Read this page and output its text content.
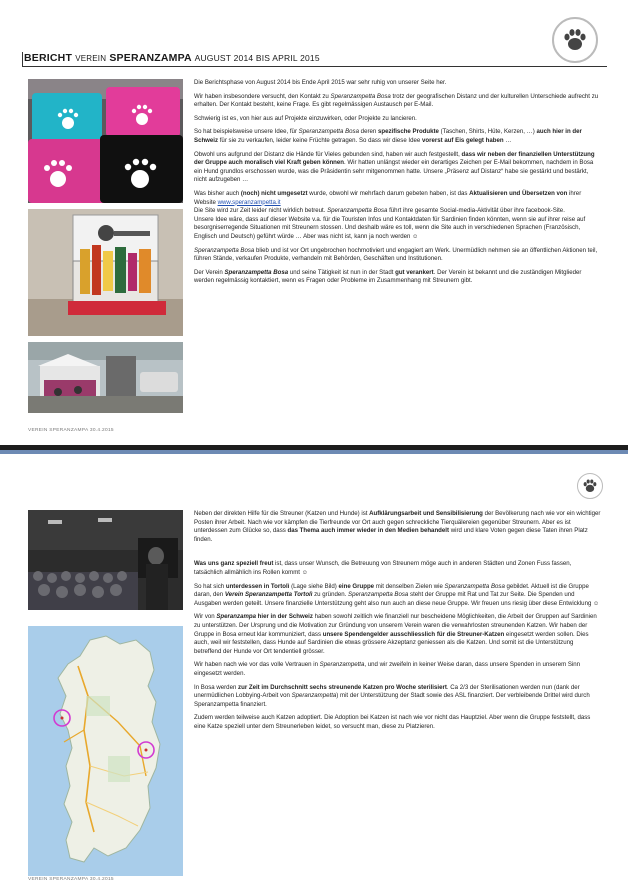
BERICHT VEREIN SPERANZAMPA AUGUST 2014 BIS APRIL 2015

Die Berichtsphase von August 2014 bis Ende April 2015 war sehr ruhig von unserer Seite her.

Wir haben insbesondere versucht, den Kontakt zu Speranzampetta Bosa trotz der geografischen Distanz und der kulturellen Unterschiede aufrecht zu erhalten. Der Kontakt besteht, keine Frage. Es gibt regelmässigen Austausch per E-Mail.

Schwierig ist es, von hier aus auf Projekte einzuwirken, oder Projekte zu lancieren.

So hat beispielsweise unsere Idee, für Speranzampetta Bosa deren spezifische Produkte (Taschen, Shirts, Hüte, Kerzen, …) auch hier in der Schweiz für sie zu verkaufen, leider keine Früchte getragen. So dass wir diese Idee vorerst auf Eis gelegt haben …

Obwohl uns aufgrund der Distanz die Hände für Vieles gebunden sind, haben wir auch festgestellt, dass wir neben der finanziellen Unterstützung der Gruppe auch moralisch viel Kraft geben können. Wir hatten unlängst wieder ein derartiges Zeichen per E-Mail bekommen, nachdem in Bosa ein Hund grundlos erschossen wurde, was die Präsidentin sehr mitgenommen hatte. Unsere „Präsenz auf Distanz“ habe sie gestärkt und bestärkt, nicht aufzugeben …

Was bisher auch (noch) nicht umgesetzt wurde, obwohl wir mehrfach darum gebeten haben, ist das Aktualisieren und Übersetzen von ihrer Website www.speranzampetta.it
Die Site wird zur Zeit leider nicht wirklich betreut. Speranzampetta Bosa führt ihre gesamte Social-media-Aktivität über ihre facebook-Site.
Unsere Idee wäre, dass auf dieser Website v.a. für die Touristen Infos und Kontaktdaten für Sardinien finden könnten, wenn sie auf ihrer reise auf besorgniserregende Situationen mit Streunern stossen. Und deshalb wäre es toll, wenn die Site auch in verschiedenen Sprachen (Französisch, Englisch und Deutsch) geführt würde … Aber was nicht ist, kann ja noch werden ☺

Speranzampetta Bosa blieb und ist vor Ort ungebrochen hochmotiviert und engagiert am Werk. Unermüdlich nehmen sie an öffentlichen Aktionen teil, führen Stände, verkaufen Produkte, verhandeln mit Behörden, Geschäften und Institutionen.

Der Verein Speranzampetta Bosa und seine Tätigkeit ist nun in der Stadt gut verankert. Der Verein ist bekannt und die zuständigen Mitglieder werden regelmässig kontaktiert, wenn es Fragen oder Probleme im Zusammenhang mit Streunern gibt.

VEREIN SPERANZAMPA 30.4.2015

Neben der direkten Hilfe für die Streuner (Katzen und Hunde) ist Aufklärungsarbeit und Sensibilisierung der Bevölkerung nach wie vor ein wichtiger Posten ihrer Arbeit. Nach wie vor kämpfen die Tierfreunde vor Ort auch gegen schreckliche Tierquälereien gegenüber Streunern. Aber es ist unterdessen zum Glücke so, dass das Thema auch immer wieder in den Medien behandelt wird und klare Voten gegen diese Taten ihren Platz finden.

Was uns ganz speziell freut ist, dass unser Wunsch, die Betreuung von Streunern möge auch in anderen Städten und Zonen Fuss fassen, tatsächlich allmählich ins Rollen kommt ☺

So hat sich unterdessen in Tortolì (Lage siehe Bild) eine Gruppe mit denselben Zielen wie Speranzampetta Bosa gebildet. Aktuell ist die Gruppe daran, den Verein Speranzampetta Tortolì zu gründen. Speranzampetta Bosa steht der Gruppe mit Rat und Tat zur Seite. Die Spenden und Ausgaben werden geteilt. Unsere finanzielle Unterstützung geht also nun auch an diese neue Gruppe. Wir freuen uns riesig über diese Entwicklung ☺

Wir von Speranzampa hier in der Schweiz haben sowohl zeitlich wie finanziell nur bescheidene Möglichkeiten, die Arbeit der Gruppen auf Sardinien zu unterstützen. Der Ursprung und die Motivation zur Gründung von unserem Verein waren die verwahrlosten streunenden Katzen. Wir haben der Gruppe in Bosa erneut klar kommuniziert, dass unsere Spendengelder ausschliesslich für die Streuner-Katzen eingesetzt werden sollen. Dies auch, weil wir feststellen, dass Hunde auf Sardinien die etwas grössere Akzeptanz geniessen als die Katzen. Und somit ist die Unterstützung betreffend der Hunde vor Ort tendentiell grösser.

Wir haben nach wie vor das volle Vertrauen in Speranzampetta, und wir zweifeln in keiner Weise daran, dass unsere Spenden in unserem Sinn eingesetzt werden.

In Bosa werden zur Zeit im Durchschnitt sechs streunende Katzen pro Woche sterilisiert. Ca 2/3 der Sterilisationen werden nun (dank der unermüdlichen Lobbying-Arbeit von Speranzampetta) mit der Unterstützung der Stadt sowie des ASL finanziert. Der verbleibende Drittel wird durch Speranzampetta finanziert.

Zudem werden teilweise auch Katzen adoptiert. Die Adoption bei Katzen ist nach wie vor nicht das Hauptziel. Aber wenn die Gruppe feststellt, dass eine Katze speziell unter dem Streunerleben leidet, so versucht man, diese zu Platzieren.

VEREIN SPERANZAMPA 30.4.2015
